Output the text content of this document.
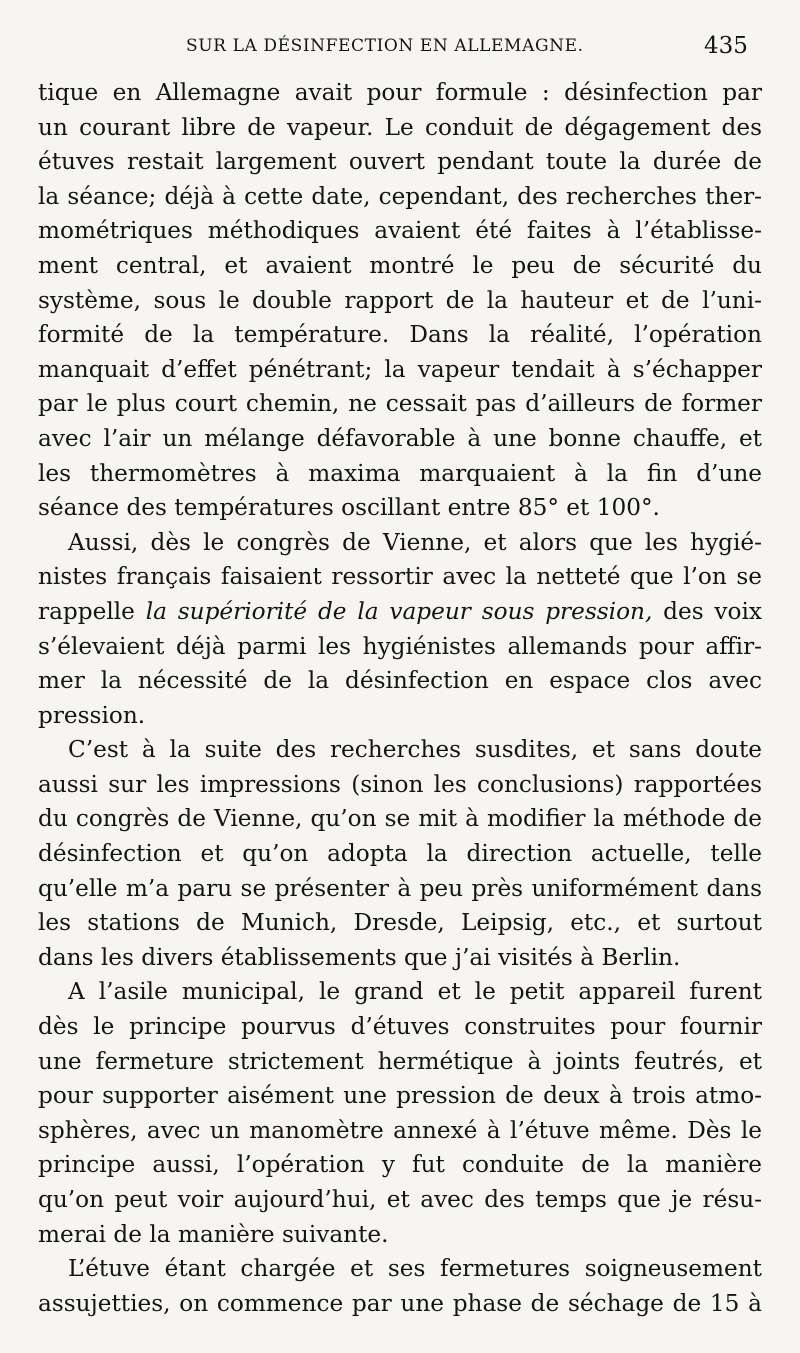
SUR LA DÉSINFECTION EN ALLEMAGNE.	435
tique en Allemagne avait pour formule : désinfection par
un courant libre de vapeur. Le conduit de dégagement des
étuves restait largement ouvert pendant toute la durée de
la séance; déjà à cette date, cependant, des recherches ther-
mométriques méthodiques avaient été faites à l’établisse-
ment central, et avaient montré le peu de sécurité du
système, sous le double rapport de la hauteur et de l’uni-
formité de la température. Dans la réalité, l’opération
manquait d’effet pénétrant; la vapeur tendait à s’échapper
par le plus court chemin, ne cessait pas d’ailleurs de former
avec l’air un mélange défavorable à une bonne chauffe, et
les thermomètres à maxima marquaient à la fin d’une
séance des températures oscillant entre 85° et 100°.
Aussi, dès le congrès de Vienne, et alors que les hygié-
nistes français faisaient ressortir avec la netteté que l’on se
rappelle la supériorité de la vapeur sous pression, des voix
s’élevaient déjà parmi les hygiénistes allemands pour affir-
mer la nécessité de la désinfection en espace clos avec
pression.
C’est à la suite des recherches susdites, et sans doute
aussi sur les impressions (sinon les conclusions) rapportées
du congrès de Vienne, qu’on se mit à modifier la méthode de
désinfection et qu’on adopta la direction actuelle, telle
qu’elle m’a paru se présenter à peu près uniformément dans
les stations de Munich, Dresde, Leipsig, etc., et surtout
dans les divers établissements que j’ai visités à Berlin.
A l’asile municipal, le grand et le petit appareil furent
dès le principe pourvus d’étuves construites pour fournir
une fermeture strictement hermétique à joints feutrés, et
pour supporter aisément une pression de deux à trois atmo-
sphères, avec un manomètre annexé à l’étuve même. Dès le
principe aussi, l’opération y fut conduite de la manière
qu’on peut voir aujourd’hui, et avec des temps que je résu-
merai de la manière suivante.
L’étuve étant chargée et ses fermetures soigneusement
assujetties, on commence par une phase de séchage de 15 à
